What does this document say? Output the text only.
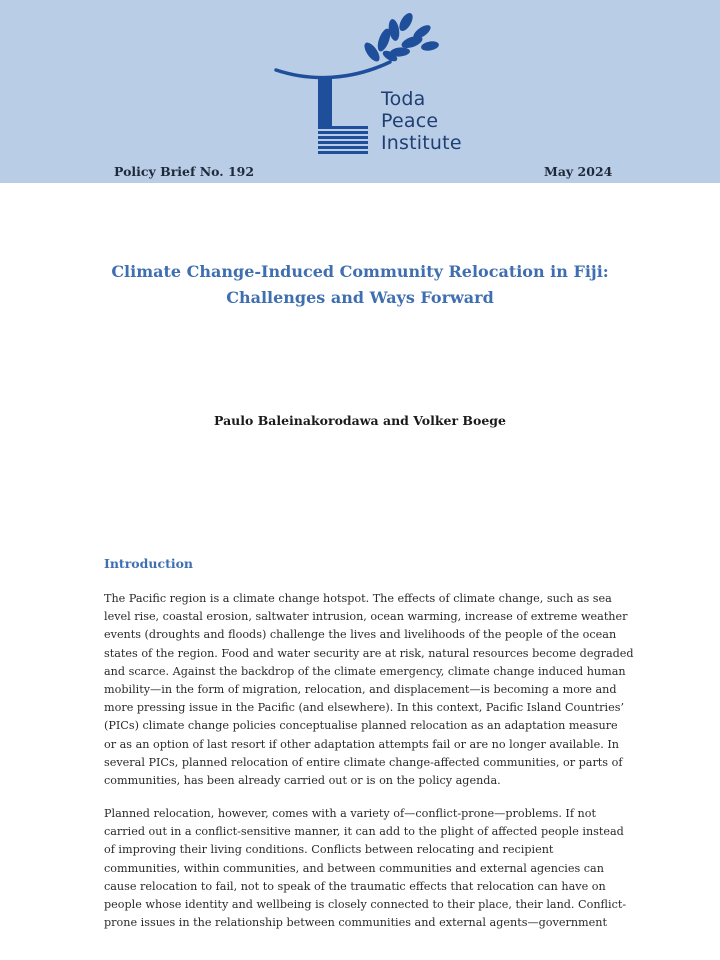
Toda
Peace
Institute
Policy Brief No. 192	May 2024
Climate Change-Induced Community Relocation in Fiji:
Challenges and Ways Forward
Paulo Baleinakorodawa and Volker Boege
Introduction
The Pacific region is a climate change hotspot. The effects of climate change, such as sea
level rise, coastal erosion, saltwater intrusion, ocean warming, increase of extreme weather
events (droughts and floods) challenge the lives and livelihoods of the people of the ocean
states of the region. Food and water security are at risk, natural resources become degraded
and scarce. Against the backdrop of the climate emergency, climate change induced human
mobility—in the form of migration, relocation, and displacement—is becoming a more and
more pressing issue in the Pacific (and elsewhere). In this context, Pacific Island Countries’
(PICs) climate change policies conceptualise planned relocation as an adaptation measure
or as an option of last resort if other adaptation attempts fail or are no longer available. In
several PICs, planned relocation of entire climate change-affected communities, or parts of
communities, has been already carried out or is on the policy agenda.
Planned relocation, however, comes with a variety of—conflict-prone—problems. If not
carried out in a conflict-sensitive manner, it can add to the plight of affected people instead
of improving their living conditions. Conflicts between relocating and recipient
communities, within communities, and between communities and external agencies can
cause relocation to fail, not to speak of the traumatic effects that relocation can have on
people whose identity and wellbeing is closely connected to their place, their land. Conflict-
prone issues in the relationship between communities and external agents—government
